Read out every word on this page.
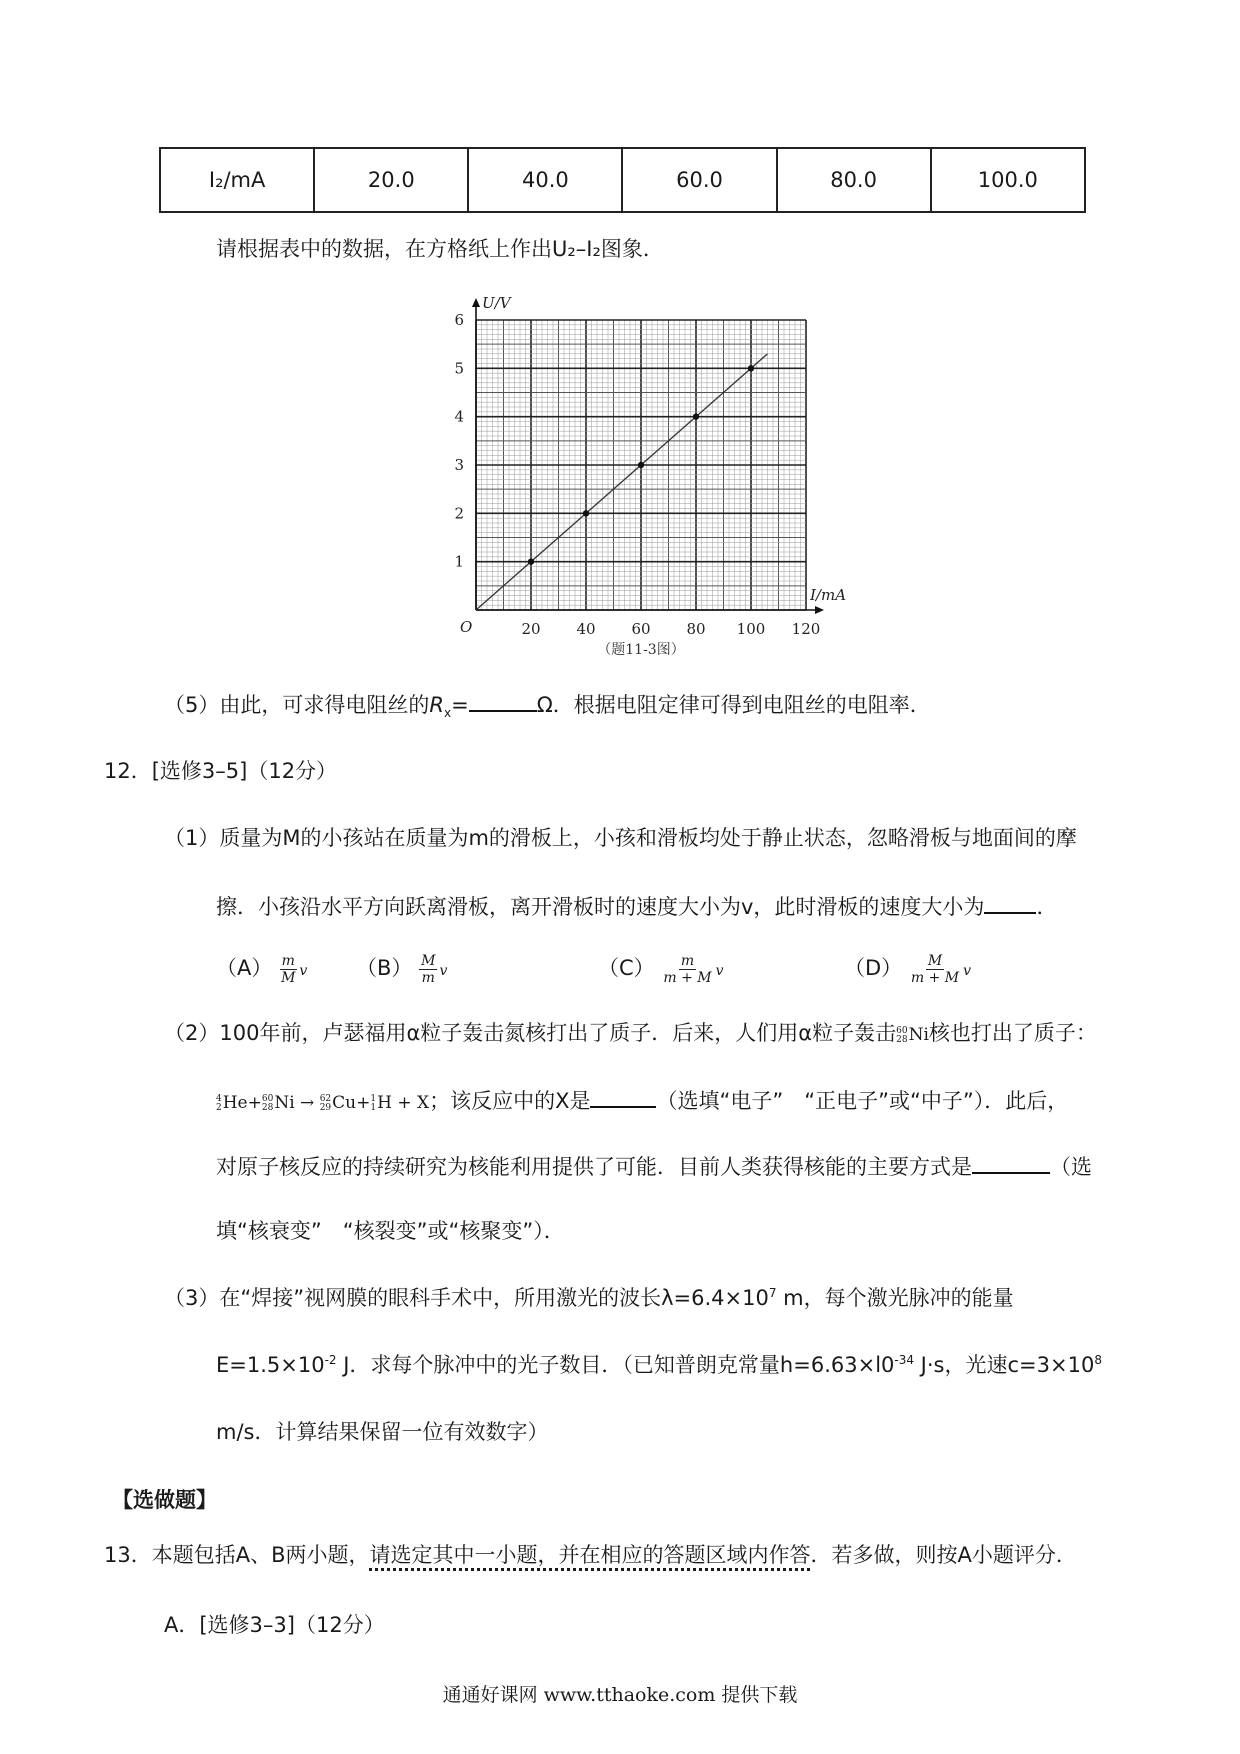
I₂/mA	20.0	40.0	60.0	80.0	100.0
请根据表中的数据，在方格纸上作出U₂–I₂图象．
20 40 60 80 100 120
1
2
3
4
5
6
U/V
I/mA
O
（题11-3图）
（5）由此，可求得电阻丝的$R_x=$	Ω．根据电阻定律可得到电阻丝的电阻率．
12．[选修3–5]（12分）
（1）质量为M的小孩站在质量为m的滑板上，小孩和滑板均处于静止状态，忽略滑板与地面间的摩
擦．小孩沿水平方向跃离滑板，离开滑板时的速度大小为v，此时滑板的速度大小为 ．
$(A) \frac{m}{M}$ v $(B) \frac{M}{m}$ v	$(C) \frac{m}{m + M}$ v	$(D) \frac{M}{m + M}$ v
（2）100年前，卢瑟福用α粒子轰击氮核打出了质子．后来，人们用α粒子轰击 60
28 Ni核也打出了质子：
4
2 He+ 60
28 Ni → 62
29 Cu+ 1
1 H + X；该反应中的X是	（选填“电子”　“正电子”或“中子”）．此后，
对原子核反应的持续研究为核能利用提供了可能．目前人类获得核能的主要方式是	（选
填“核衰变”　“核裂变”或“核聚变”）．
（3）在“焊接”视网膜的眼科手术中，所用激光的波长$\lambda=6.4\times 10^7$ m，每个激光脉冲的能量
$E=1.5\times 10^{-2}$ J．求每个脉冲中的光子数目．（已知普朗克常量$h=6.63\times l0^{-34}$ J·s，光速$c=3\times 10^8$
m/s．计算结果保留一位有效数字）
【选做题】
13．本题包括A、B两小题，请选定其中一小题，并在相应的答题区域内作答．若多做，则按A小题评分．
A．[选修3–3]（12分）
通通好课网 www.tthaoke.com 提供下载
